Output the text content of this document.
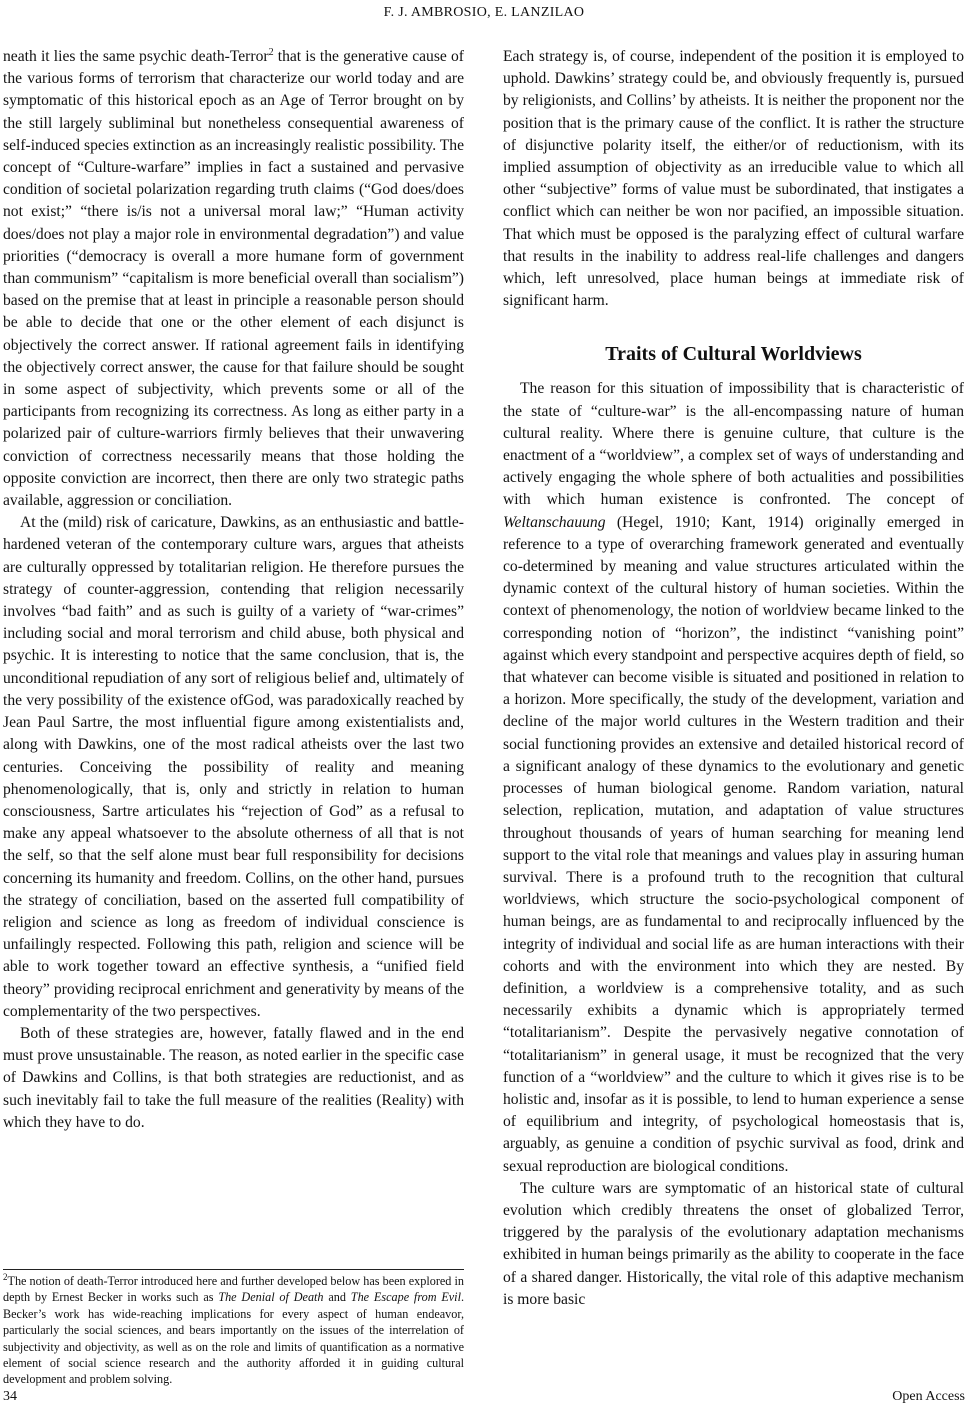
F. J. AMBROSIO, E. LANZILAO

neath it lies the same psychic death-Terror$^2$ that is the generative cause of the various forms of terrorism that characterize our world today and are symptomatic of this historical epoch as an Age of Terror brought on by the still largely subliminal but nonetheless consequential awareness of self-induced species extinction as an increasingly realistic possibility. The concept of “Culture-warfare” implies in fact a sustained and pervasive condition of societal polarization regarding truth claims (“God does/does not exist;” “there is/is not a universal moral law;” “Human activity does/does not play a major role in environmental degradation”) and value priorities (“democracy is overall a more humane form of government than communism” “capitalism is more beneficial overall than socialism”) based on the premise that at least in principle a reasonable person should be able to decide that one or the other element of each disjunct is objectively the correct answer. If rational agreement fails in identifying the objectively correct answer, the cause for that failure should be sought in some aspect of subjectivity, which prevents some or all of the participants from recognizing its correctness. As long as either party in a polarized pair of culture-warriors firmly believes that their unwavering conviction of correctness necessarily means that those holding the opposite conviction are incorrect, then there are only two strategic paths available, aggression or conciliation.

At the (mild) risk of caricature, Dawkins, as an enthusiastic and battle-hardened veteran of the contemporary culture wars, argues that atheists are culturally oppressed by totalitarian religion. He therefore pursues the strategy of counter-aggression, contending that religion necessarily involves “bad faith” and as such is guilty of a variety of “war-crimes” including social and moral terrorism and child abuse, both physical and psychic. It is interesting to notice that the same conclusion, that is, the unconditional repudiation of any sort of religious belief and, ultimately of the very possibility of the existence ofGod, was paradoxically reached by Jean Paul Sartre, the most influential figure among existentialists and, along with Dawkins, one of the most radical atheists over the last two centuries. Conceiving the possibility of reality and meaning phenomenologically, that is, only and strictly in relation to human consciousness, Sartre articulates his “rejection of God” as a refusal to make any appeal whatsoever to the absolute otherness of all that is not the self, so that the self alone must bear full responsibility for decisions concerning its humanity and freedom. Collins, on the other hand, pursues the strategy of conciliation, based on the asserted full compatibility of religion and science as long as freedom of individual conscience is unfailingly respected. Following this path, religion and science will be able to work together toward an effective synthesis, a “unified field theory” providing reciprocal enrichment and generativity by means of the complementarity of the two perspectives.

Both of these strategies are, however, fatally flawed and in the end must prove unsustainable. The reason, as noted earlier in the specific case of Dawkins and Collins, is that both strategies are reductionist, and as such inevitably fail to take the full measure of the realities (Reality) with which they have to do.

$^2$The notion of death-Terror introduced here and further developed below has been explored in depth by Ernest Becker in works such as The Denial of Death and The Escape from Evil. Becker’s work has wide-reaching implications for every aspect of human endeavor, particularly the social sciences, and bears importantly on the issues of the interrelation of subjectivity and objectivity, as well as on the role and limits of quantification as a normative element of social science research and the authority afforded it in guiding cultural development and problem solving.

Each strategy is, of course, independent of the position it is employed to uphold. Dawkins’ strategy could be, and obviously frequently is, pursued by religionists, and Collins’ by atheists. It is neither the proponent nor the position that is the primary cause of the conflict. It is rather the structure of disjunctive polarity itself, the either/or of reductionism, with its implied assumption of objectivity as an irreducible value to which all other “subjective” forms of value must be subordinated, that instigates a conflict which can neither be won nor pacified, an impossible situation. That which must be opposed is the paralyzing effect of cultural warfare that results in the inability to address real-life challenges and dangers which, left unresolved, place human beings at immediate risk of significant harm.

Traits of Cultural Worldviews

The reason for this situation of impossibility that is characteristic of the state of “culture-war” is the all-encompassing nature of human cultural reality. Where there is genuine culture, that culture is the enactment of a “worldview”, a complex set of ways of understanding and actively engaging the whole sphere of both actualities and possibilities with which human existence is confronted. The concept of Weltanschauung (Hegel, 1910; Kant, 1914) originally emerged in reference to a type of overarching framework generated and eventually co-determined by meaning and value structures articulated within the dynamic context of the cultural history of human societies. Within the context of phenomenology, the notion of worldview became linked to the corresponding notion of “horizon”, the indistinct “vanishing point” against which every standpoint and perspective acquires depth of field, so that whatever can become visible is situated and positioned in relation to a horizon. More specifically, the study of the development, variation and decline of the major world cultures in the Western tradition and their social functioning provides an extensive and detailed historical record of a significant analogy of these dynamics to the evolutionary and genetic processes of human biological genome. Random variation, natural selection, replication, mutation, and adaptation of value structures throughout thousands of years of human searching for meaning lend support to the vital role that meanings and values play in assuring human survival. There is a profound truth to the recognition that cultural worldviews, which structure the socio-psychological component of human beings, are as fundamental to and reciprocally influenced by the integrity of individual and social life as are human interactions with their cohorts and with the environment into which they are nested. By definition, a worldview is a comprehensive totality, and as such necessarily exhibits a dynamic which is appropriately termed “totalitarianism”. Despite the pervasively negative connotation of “totalitarianism” in general usage, it must be recognized that the very function of a “worldview” and the culture to which it gives rise is to be holistic and, insofar as it is possible, to lend to human experience a sense of equilibrium and integrity, of psychological homeostasis that is, arguably, as genuine a condition of psychic survival as food, drink and sexual reproduction are biological conditions.

The culture wars are symptomatic of an historical state of cultural evolution which credibly threatens the onset of globalized Terror, triggered by the paralysis of the evolutionary adaptation mechanisms exhibited in human beings primarily as the ability to cooperate in the face of a shared danger. Historically, the vital role of this adaptive mechanism is more basic

34	Open Access
